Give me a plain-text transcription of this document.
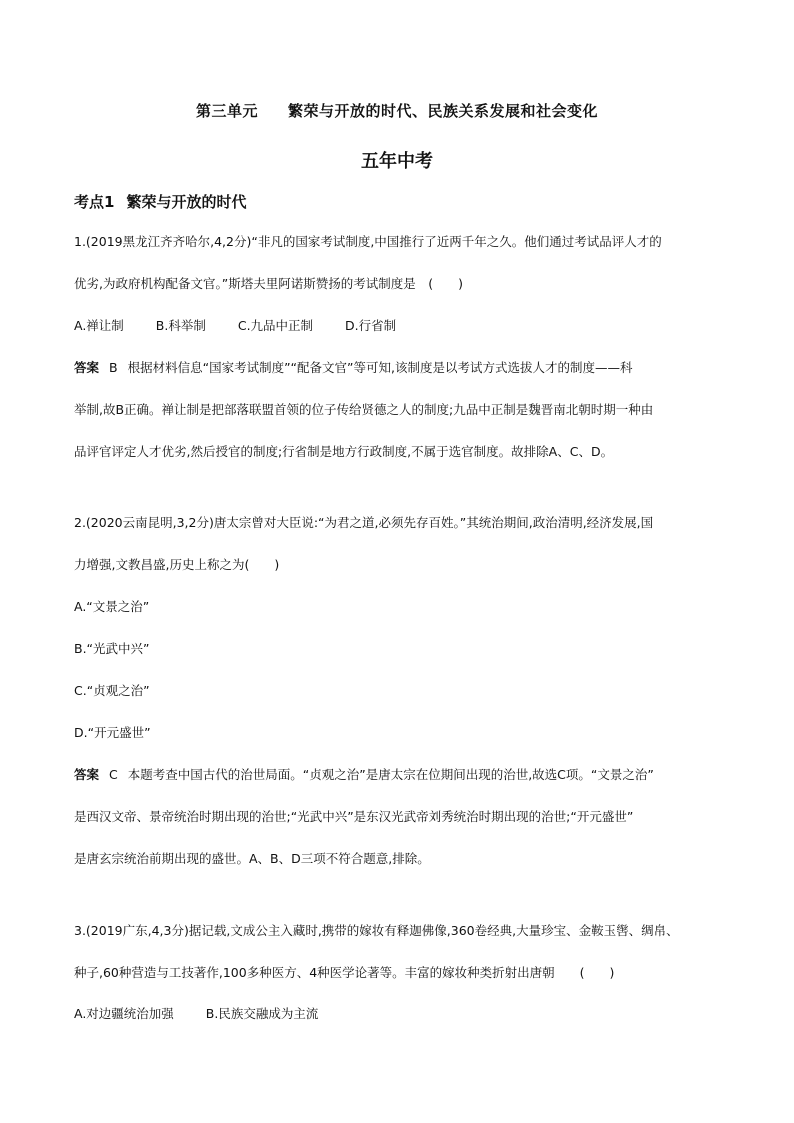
第三单元 繁荣与开放的时代、民族关系发展和社会变化
五年中考
考点1 繁荣与开放的时代
1.(2019黑龙江齐齐哈尔,4,2分)“非凡的国家考试制度,中国推行了近两千年之久。他们通过考试品评人才的
优劣,为政府机构配备文官。”斯塔夫里阿诺斯赞扬的考试制度是　(　　)
A.禅让制	B.科举制	C.九品中正制	D.行省制
答案 B 根据材料信息“国家考试制度”“配备文官”等可知,该制度是以考试方式选拔人才的制度——科
举制,故B正确。禅让制是把部落联盟首领的位子传给贤德之人的制度;九品中正制是魏晋南北朝时期一种由
品评官评定人才优劣,然后授官的制度;行省制是地方行政制度,不属于选官制度。故排除A、C、D。
2.(2020云南昆明,3,2分)唐太宗曾对大臣说:“为君之道,必须先存百姓。”其统治期间,政治清明,经济发展,国
力增强,文教昌盛,历史上称之为(　　)
A.“文景之治”
B.“光武中兴”
C.“贞观之治”
D.“开元盛世”
答案 C 本题考查中国古代的治世局面。“贞观之治”是唐太宗在位期间出现的治世,故选C项。“文景之治”
是西汉文帝、景帝统治时期出现的治世;“光武中兴”是东汉光武帝刘秀统治时期出现的治世;“开元盛世”
是唐玄宗统治前期出现的盛世。A、B、D三项不符合题意,排除。
3.(2019广东,4,3分)据记载,文成公主入藏时,携带的嫁妆有释迦佛像,360卷经典,大量珍宝、金鞍玉辔、绸帛、
种子,60种营造与工技著作,100多种医方、4种医学论著等。丰富的嫁妆种类折射出唐朝　　(　　)
A.对边疆统治加强	B.民族交融成为主流
